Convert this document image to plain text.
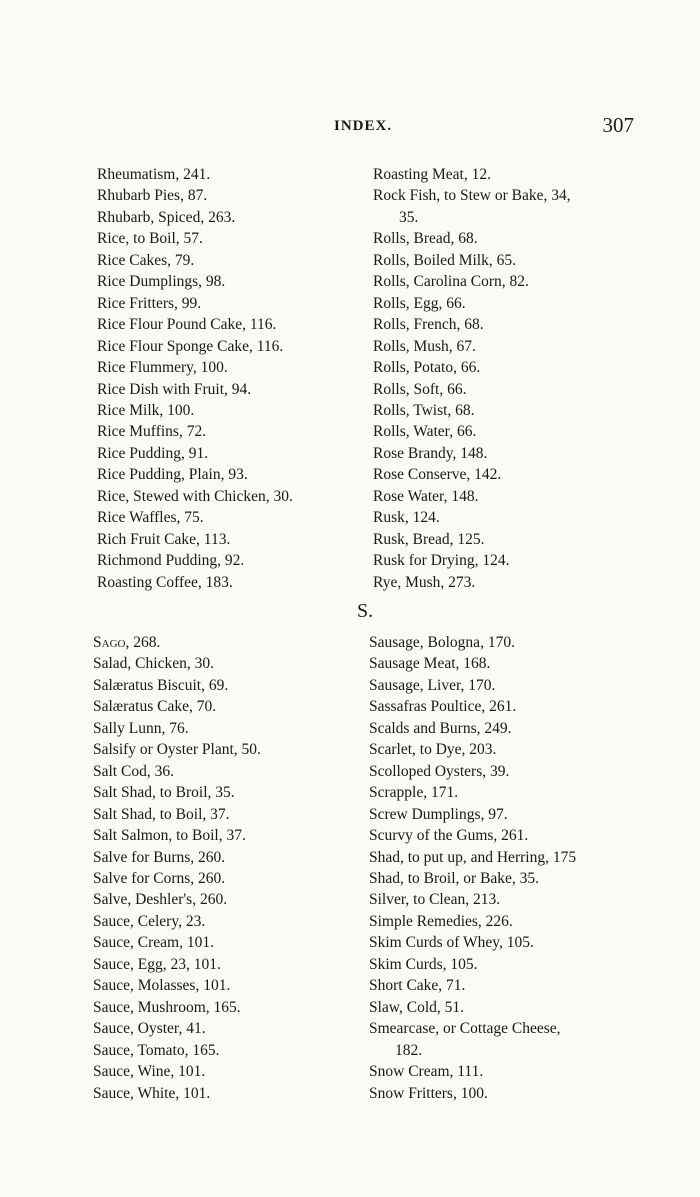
INDEX.	307
Rheumatism, 241.
Rhubarb Pies, 87.
Rhubarb, Spiced, 263.
Rice, to Boil, 57.
Rice Cakes, 79.
Rice Dumplings, 98.
Rice Fritters, 99.
Rice Flour Pound Cake, 116.
Rice Flour Sponge Cake, 116.
Rice Flummery, 100.
Rice Dish with Fruit, 94.
Rice Milk, 100.
Rice Muffins, 72.
Rice Pudding, 91.
Rice Pudding, Plain, 93.
Rice, Stewed with Chicken, 30.
Rice Waffles, 75.
Rich Fruit Cake, 113.
Richmond Pudding, 92.
Roasting Coffee, 183.
Roasting Meat, 12.
Rock Fish, to Stew or Bake, 34,
35.
Rolls, Bread, 68.
Rolls, Boiled Milk, 65.
Rolls, Carolina Corn, 82.
Rolls, Egg, 66.
Rolls, French, 68.
Rolls, Mush, 67.
Rolls, Potato, 66.
Rolls, Soft, 66.
Rolls, Twist, 68.
Rolls, Water, 66.
Rose Brandy, 148.
Rose Conserve, 142.
Rose Water, 148.
Rusk, 124.
Rusk, Bread, 125.
Rusk for Drying, 124.
Rye, Mush, 273.
S.
Sago, 268.
Salad, Chicken, 30.
Salæratus Biscuit, 69.
Salæratus Cake, 70.
Sally Lunn, 76.
Salsify or Oyster Plant, 50.
Salt Cod, 36.
Salt Shad, to Broil, 35.
Salt Shad, to Boil, 37.
Salt Salmon, to Boil, 37.
Salve for Burns, 260.
Salve for Corns, 260.
Salve, Deshler's, 260.
Sauce, Celery, 23.
Sauce, Cream, 101.
Sauce, Egg, 23, 101.
Sauce, Molasses, 101.
Sauce, Mushroom, 165.
Sauce, Oyster, 41.
Sauce, Tomato, 165.
Sauce, Wine, 101.
Sauce, White, 101.
Sausage, Bologna, 170.
Sausage Meat, 168.
Sausage, Liver, 170.
Sassafras Poultice, 261.
Scalds and Burns, 249.
Scarlet, to Dye, 203.
Scolloped Oysters, 39.
Scrapple, 171.
Screw Dumplings, 97.
Scurvy of the Gums, 261.
Shad, to put up, and Herring, 175
Shad, to Broil, or Bake, 35.
Silver, to Clean, 213.
Simple Remedies, 226.
Skim Curds of Whey, 105.
Skim Curds, 105.
Short Cake, 71.
Slaw, Cold, 51.
Smearcase, or Cottage Cheese,
182.
Snow Cream, 111.
Snow Fritters, 100.
